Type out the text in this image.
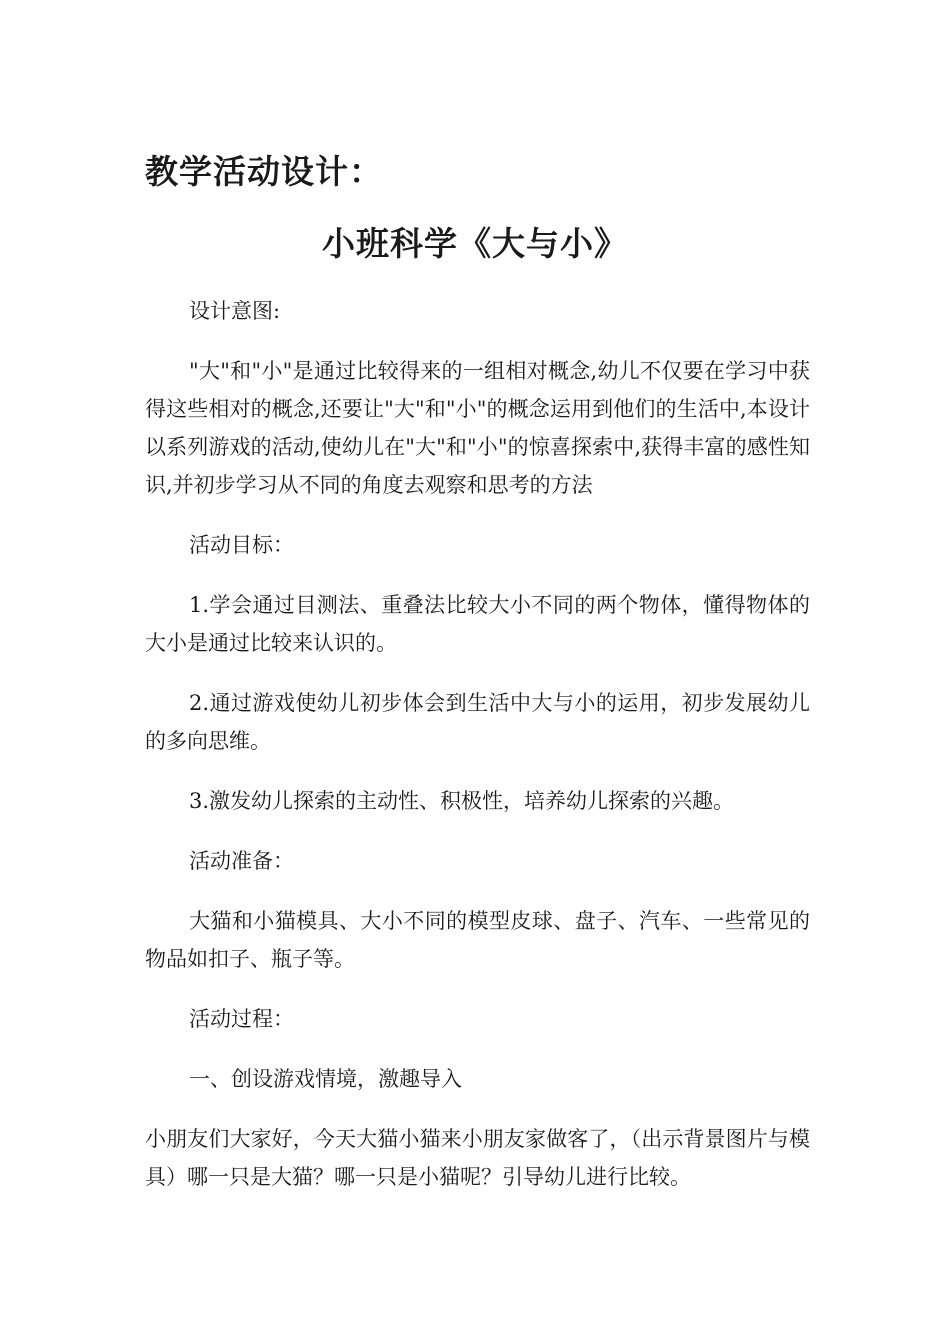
教学活动设计：
小班科学《大与小》

设计意图:

"大"和"小"是通过比较得来的一组相对概念,幼儿不仅要在学习中获得这些相对的概念,还要让"大"和"小"的概念运用到他们的生活中,本设计以系列游戏的活动,使幼儿在"大"和"小"的惊喜探索中,获得丰富的感性知识,并初步学习从不同的角度去观察和思考的方法

活动目标：

1.学会通过目测法、重叠法比较大小不同的两个物体，懂得物体的大小是通过比较来认识的。

2.通过游戏使幼儿初步体会到生活中大与小的运用，初步发展幼儿的多向思维。

3.激发幼儿探索的主动性、积极性，培养幼儿探索的兴趣。

活动准备：

大猫和小猫模具、大小不同的模型皮球、盘子、汽车、一些常见的物品如扣子、瓶子等。

活动过程：

一、创设游戏情境，激趣导入

小朋友们大家好，今天大猫小猫来小朋友家做客了，（出示背景图片与模具）哪一只是大猫？哪一只是小猫呢？引导幼儿进行比较。
